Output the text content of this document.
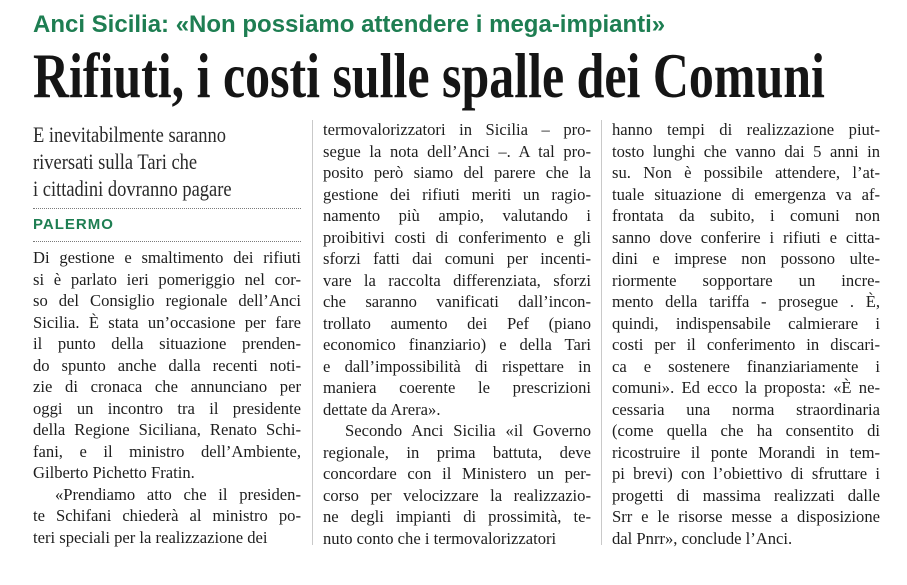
Anci Sicilia: «Non possiamo attendere i mega-impianti»
Rifiuti, i costi sulle spalle dei Comuni
E inevitabilmente saranno
riversati sulla Tari che
i cittadini dovranno pagare
PALERMO
Di gestione e smaltimento dei rifiuti
si è parlato ieri pomeriggio nel cor-
so del Consiglio regionale dell’Anci
Sicilia. È stata un’occasione per fare
il punto della situazione prenden-
do spunto anche dalla recenti noti-
zie di cronaca che annunciano per
oggi un incontro tra il presidente
della Regione Siciliana, Renato Schi-
fani, e il ministro dell’Ambiente,
Gilberto Pichetto Fratin.
«Prendiamo atto che il presiden-
te Schifani chiederà al ministro po-
teri speciali per la realizzazione dei
termovalorizzatori in Sicilia – pro-
segue la nota dell’Anci –. A tal pro-
posito però siamo del parere che la
gestione dei rifiuti meriti un ragio-
namento più ampio, valutando i
proibitivi costi di conferimento e gli
sforzi fatti dai comuni per incenti-
vare la raccolta differenziata, sforzi
che saranno vanificati dall’incon-
trollato aumento dei Pef (piano
economico finanziario) e della Tari
e dall’impossibilità di rispettare in
maniera coerente le prescrizioni
dettate da Arera».
Secondo Anci Sicilia «il Governo
regionale, in prima battuta, deve
concordare con il Ministero un per-
corso per velocizzare la realizzazio-
ne degli impianti di prossimità, te-
nuto conto che i termovalorizzatori
hanno tempi di realizzazione piut-
tosto lunghi che vanno dai 5 anni in
su. Non è possibile attendere, l’at-
tuale situazione di emergenza va af-
frontata da subito, i comuni non
sanno dove conferire i rifiuti e citta-
dini e imprese non possono ulte-
riormente sopportare un incre-
mento della tariffa - prosegue . È,
quindi, indispensabile calmierare i
costi per il conferimento in discari-
ca e sostenere finanziariamente i
comuni». Ed ecco la proposta: «È ne-
cessaria una norma straordinaria
(come quella che ha consentito di
ricostruire il ponte Morandi in tem-
pi brevi) con l’obiettivo di sfruttare i
progetti di massima realizzati dalle
Srr e le risorse messe a disposizione
dal Pnrr», conclude l’Anci.
